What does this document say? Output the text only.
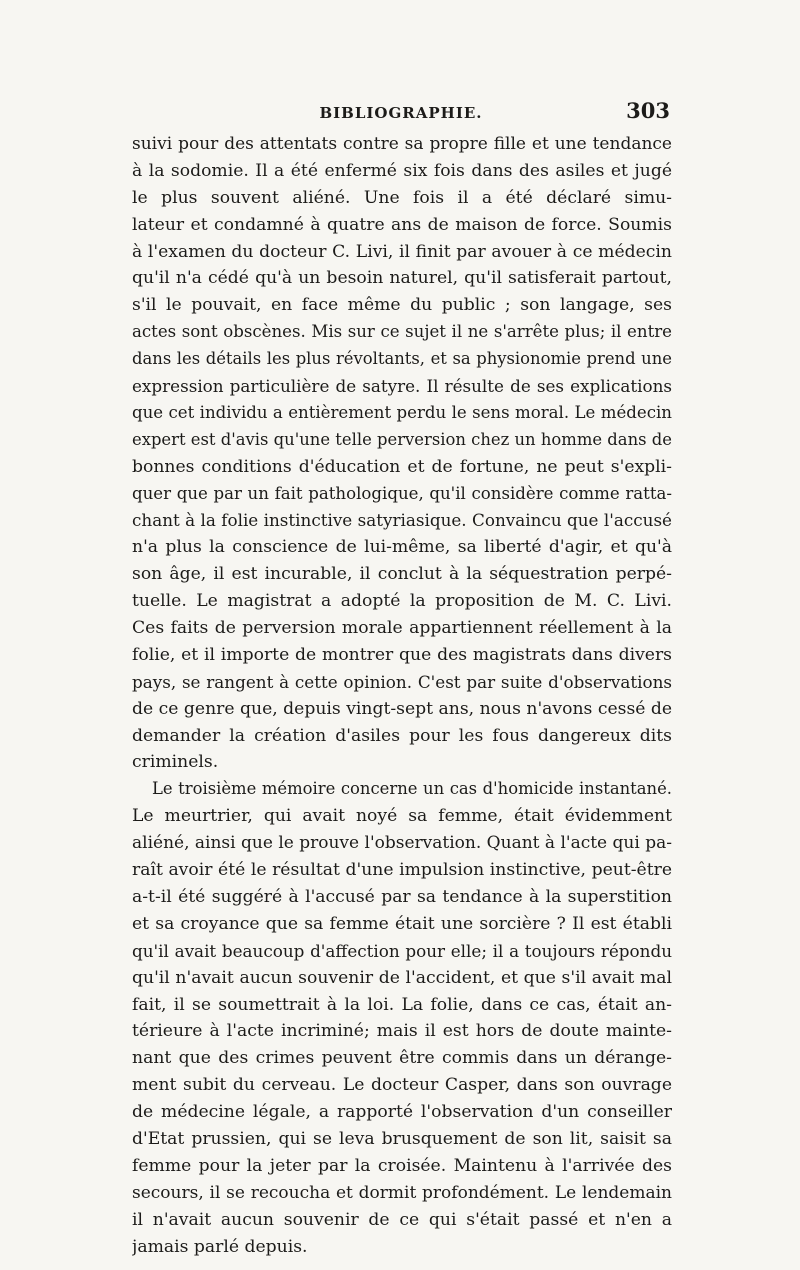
BIBLIOGRAPHIE.	303
suivi pour des attentats contre sa propre fille et une tendance
à la sodomie. Il a été enfermé six fois dans des asiles et jugé
le plus souvent aliéné. Une fois il a été déclaré simu-
lateur et condamné à quatre ans de maison de force. Soumis
à l'examen du docteur C. Livi, il finit par avouer à ce médecin
qu'il n'a cédé qu'à un besoin naturel, qu'il satisferait partout,
s'il le pouvait, en face même du public ; son langage, ses
actes sont obscènes. Mis sur ce sujet il ne s'arrête plus; il entre
dans les détails les plus révoltants, et sa physionomie prend une
expression particulière de satyre. Il résulte de ses explications
que cet individu a entièrement perdu le sens moral. Le médecin
expert est d'avis qu'une telle perversion chez un homme dans de
bonnes conditions d'éducation et de fortune, ne peut s'expli-
quer que par un fait pathologique, qu'il considère comme ratta-
chant à la folie instinctive satyriasique. Convaincu que l'accusé
n'a plus la conscience de lui-même, sa liberté d'agir, et qu'à
son âge, il est incurable, il conclut à la séquestration perpé-
tuelle. Le magistrat a adopté la proposition de M. C. Livi.
Ces faits de perversion morale appartiennent réellement à la
folie, et il importe de montrer que des magistrats dans divers
pays, se rangent à cette opinion. C'est par suite d'observations
de ce genre que, depuis vingt-sept ans, nous n'avons cessé de
demander la création d'asiles pour les fous dangereux dits
criminels.
Le troisième mémoire concerne un cas d'homicide instantané.
Le meurtrier, qui avait noyé sa femme, était évidemment
aliéné, ainsi que le prouve l'observation. Quant à l'acte qui pa-
raît avoir été le résultat d'une impulsion instinctive, peut-être
a-t-il été suggéré à l'accusé par sa tendance à la superstition
et sa croyance que sa femme était une sorcière ? Il est établi
qu'il avait beaucoup d'affection pour elle; il a toujours répondu
qu'il n'avait aucun souvenir de l'accident, et que s'il avait mal
fait, il se soumettrait à la loi. La folie, dans ce cas, était an-
térieure à l'acte incriminé; mais il est hors de doute mainte-
nant que des crimes peuvent être commis dans un dérange-
ment subit du cerveau. Le docteur Casper, dans son ouvrage
de médecine légale, a rapporté l'observation d'un conseiller
d'Etat prussien, qui se leva brusquement de son lit, saisit sa
femme pour la jeter par la croisée. Maintenu à l'arrivée des
secours, il se recoucha et dormit profondément. Le lendemain
il n'avait aucun souvenir de ce qui s'était passé et n'en a
jamais parlé depuis.
